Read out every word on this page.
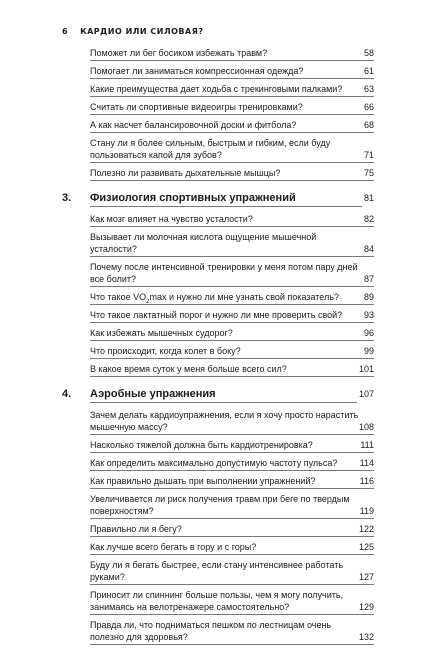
6 КАРДИО ИЛИ СИЛОВАЯ?
Поможет ли бег босиком избежать травм?	58
Помогает ли заниматься компрессионная одежда?	61
Какие преимущества дает ходьба с трекинговыми палками? 63
Считать ли спортивные видеоигры тренировками?	66
А как насчет балансировочной доски и фитбола?	68
Стану ли я более сильным, быстрым и гибким, если буду пользоваться капой для зубов?	71
Полезно ли развивать дыхательные мышцы?	75
3.	Физиология спортивных упражнений	81
Как мозг влияет на чувство усталости?	82
Вызывает ли молочная кислота ощущение мышечной усталости?	84
Почему после интенсивной тренировки у меня потом пару дней все болит?	87
Что такое $VO_2\max$ и нужно ли мне узнать свой показатель?	89
Что такое лактатный порог и нужно ли мне проверить свой? 93
Как избежать мышечных судорог?	96
Что происходит, когда колет в боку?	99
В какое время суток у меня больше всего сил?	101
4.	Аэробные упражнения	107
Зачем делать кардиоупражнения, если я хочу просто нарастить мышечную массу?	108
Насколько тяжелой должна быть кардиотренировка?	111
Как определить максимально допустимую частоту пульса? 114
Как правильно дышать при выполнении упражнений?	116
Увеличивается ли риск получения травм при беге по твердым поверхностям?	119
Правильно ли я бегу?	122
Как лучше всего бегать в гору и с горы?	125
Буду ли я бегать быстрее, если стану интенсивнее работать руками?	127
Приносит ли спиннинг больше пользы, чем я могу получить, занимаясь на велотренажере самостоятельно?	129
Правда ли, что подниматься пешком по лестницам очень полезно для здоровья?	132
